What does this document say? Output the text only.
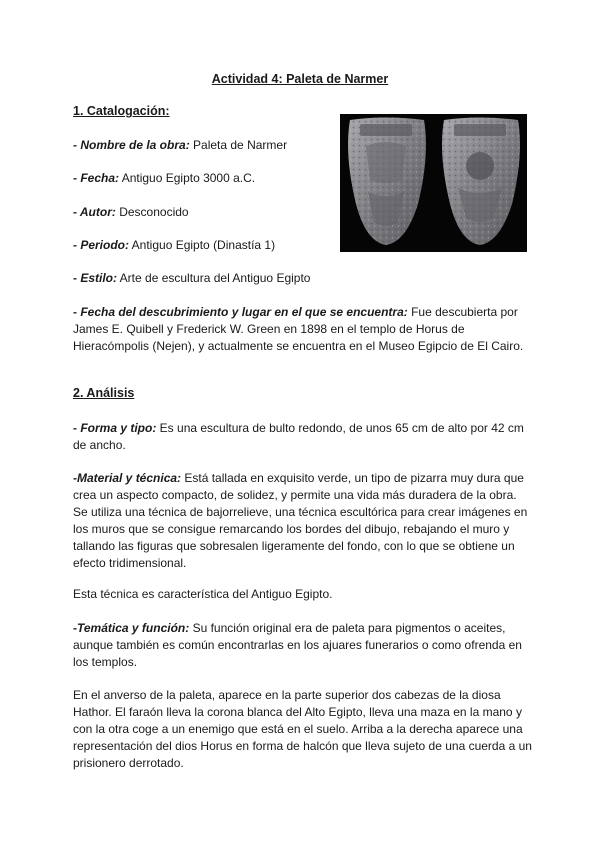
Actividad 4: Paleta de Narmer
1. Catalogación:
- Nombre de la obra: Paleta de Narmer
- Fecha: Antiguo Egipto 3000 a.C.
- Autor: Desconocido
- Periodo: Antiguo Egipto (Dinastía 1)
- Estilo: Arte de escultura del Antiguo Egipto
- Fecha del descubrimiento y lugar en el que se encuentra: Fue descubierta por James E. Quibell y Frederick W. Green en 1898 en el templo de Horus de Hieracómpolis (Nejen), y actualmente se encuentra en el Museo Egipcio de El Cairo.
2. Análisis
- Forma y tipo: Es una escultura de bulto redondo, de unos 65 cm de alto por 42 cm de ancho.
-Material y técnica: Está tallada en exquisito verde, un tipo de pizarra muy dura que crea un aspecto compacto, de solidez, y permite una vida más duradera de la obra. Se utiliza una técnica de bajorrelieve, una técnica escultórica para crear imágenes en los muros que se consigue remarcando los bordes del dibujo, rebajando el muro y tallando las figuras que sobresalen ligeramente del fondo, con lo que se obtiene un efecto tridimensional.
Esta técnica es característica del Antiguo Egipto.
-Temática y función: Su función original era de paleta para pigmentos o aceites, aunque también es común encontrarlas en los ajuares funerarios o como ofrenda en los templos.
En el anverso de la paleta, aparece en la parte superior dos cabezas de la diosa Hathor. El faraón lleva la corona blanca del Alto Egipto, lleva una maza en la mano y con la otra coge a un enemigo que está en el suelo. Arriba a la derecha aparece una representación del dios Horus en forma de halcón que lleva sujeto de una cuerda a un prisionero derrotado.
